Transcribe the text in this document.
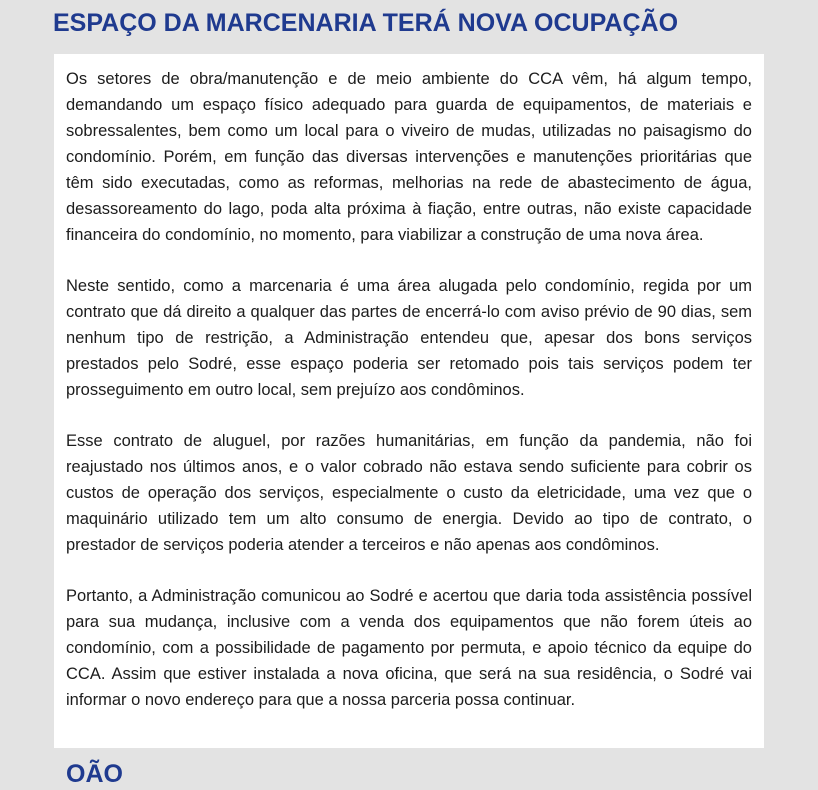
ESPAÇO DA MARCENARIA TERÁ NOVA OCUPAÇÃO

Os setores de obra/manutenção e de meio ambiente do CCA vêm, há algum tempo, demandando um espaço físico adequado para guarda de equipamentos, de materiais e sobressalentes, bem como um local para o viveiro de mudas, utilizadas no paisagismo do condomínio. Porém, em função das diversas intervenções e manutenções prioritárias que têm sido executadas, como as reformas, melhorias na rede de abastecimento de água, desassoreamento do lago, poda alta próxima à fiação, entre outras, não existe capacidade financeira do condomínio, no momento, para viabilizar a construção de uma nova área.

Neste sentido, como a marcenaria é uma área alugada pelo condomínio, regida por um contrato que dá direito a qualquer das partes de encerrá-lo com aviso prévio de 90 dias, sem nenhum tipo de restrição, a Administração entendeu que, apesar dos bons serviços prestados pelo Sodré, esse espaço poderia ser retomado pois tais serviços podem ter prosseguimento em outro local, sem prejuízo aos condôminos.

Esse contrato de aluguel, por razões humanitárias, em função da pandemia, não foi reajustado nos últimos anos, e o valor cobrado não estava sendo suficiente para cobrir os custos de operação dos serviços, especialmente o custo da eletricidade, uma vez que o maquinário utilizado tem um alto consumo de energia. Devido ao tipo de contrato, o prestador de serviços poderia atender a terceiros e não apenas aos condôminos.

Portanto, a Administração comunicou ao Sodré e acertou que daria toda assistência possível para sua mudança, inclusive com a venda dos equipamentos que não forem úteis ao condomínio, com a possibilidade de pagamento por permuta, e apoio técnico da equipe do CCA. Assim que estiver instalada a nova oficina, que será na sua residência, o Sodré vai informar o novo endereço para que a nossa parceria possa continuar.

OÃO
